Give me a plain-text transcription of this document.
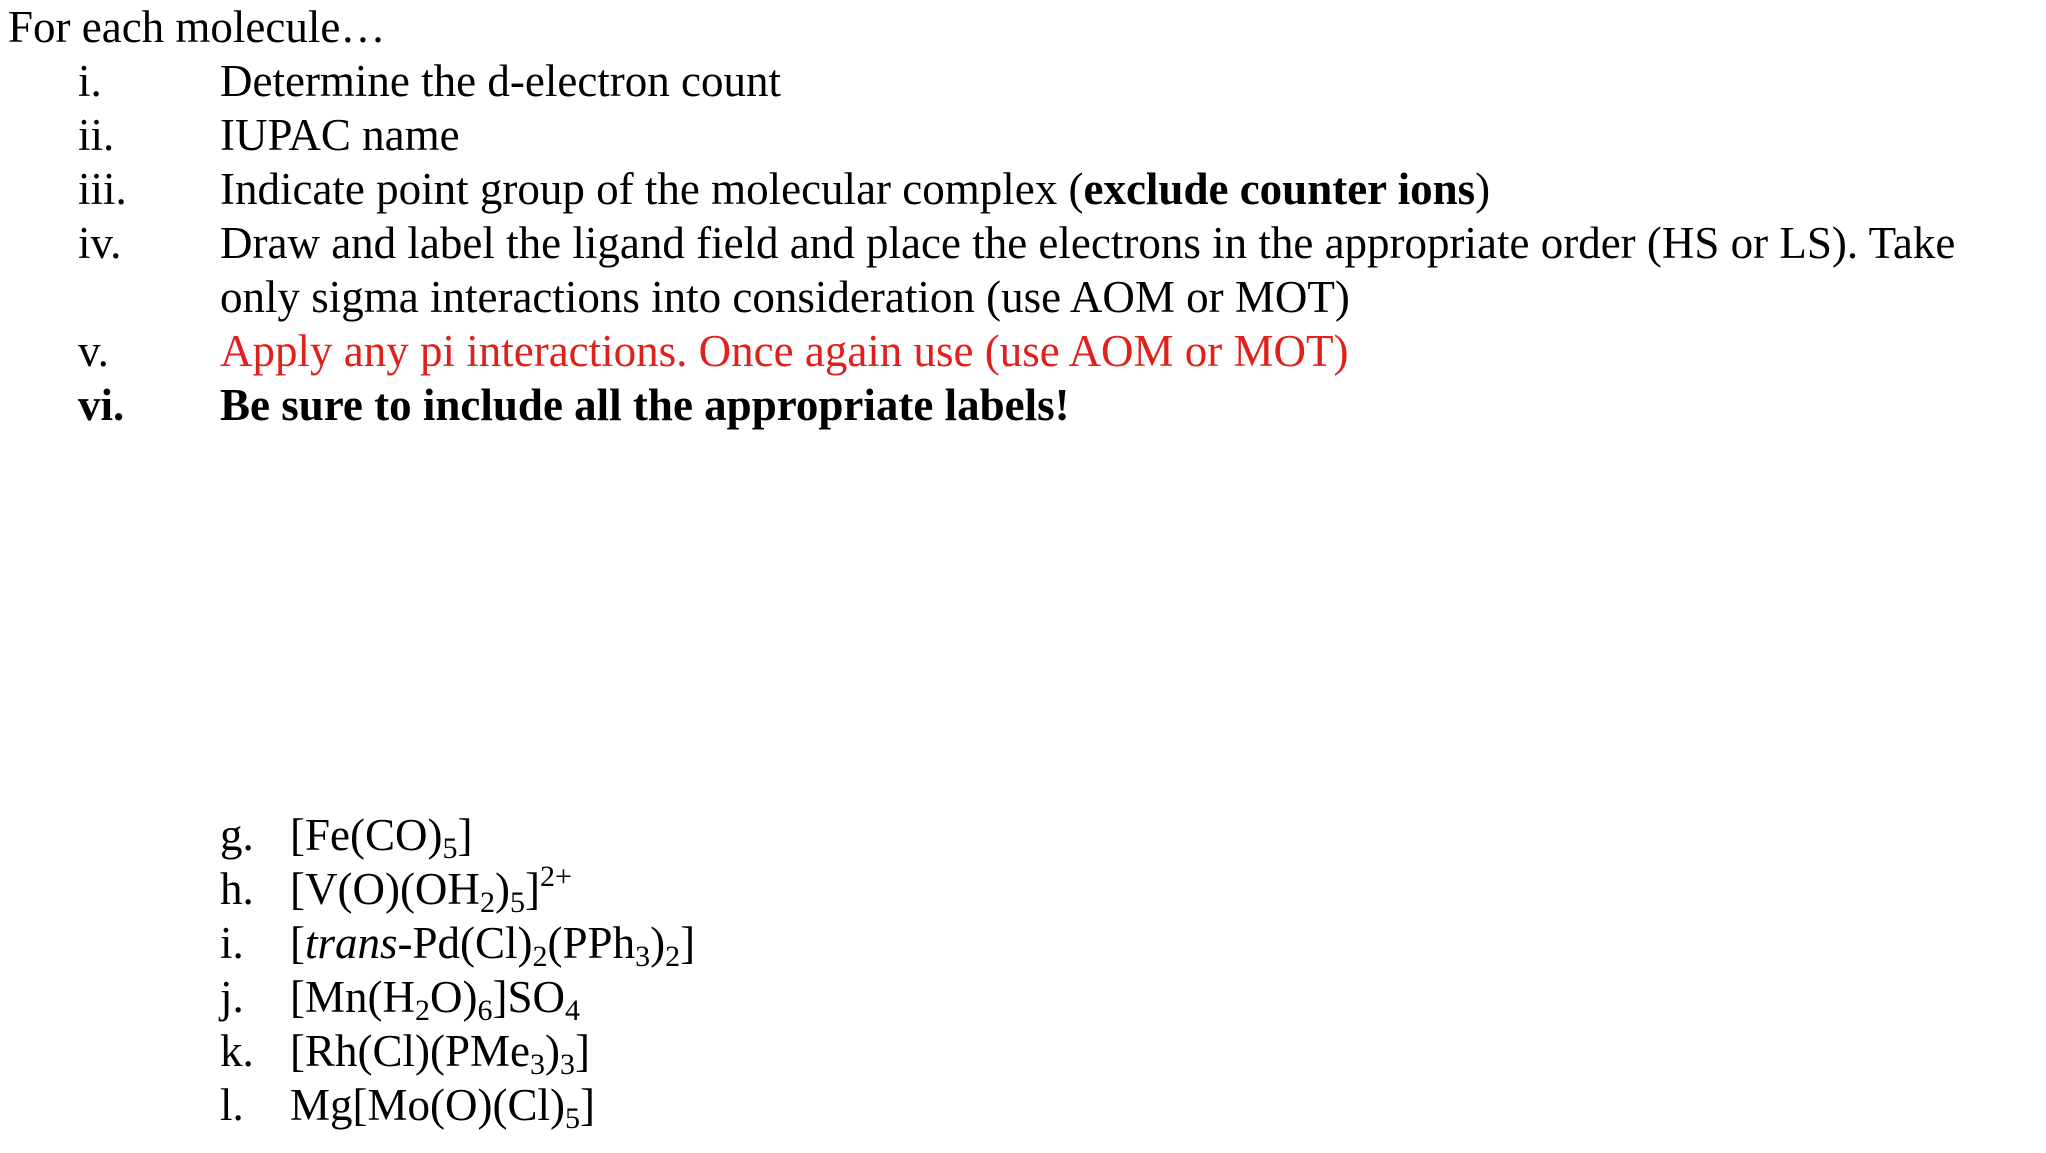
For each molecule…
i.	Determine the d-electron count
ii. IUPAC name
iii. Indicate point group of the molecular complex (exclude counter ions)
iv. Draw and label the ligand field and place the electrons in the appropriate order (HS or LS). Take
only sigma interactions into consideration (use AOM or MOT)
v. Apply any pi interactions. Once again use (use AOM or MOT)
vi. Be sure to include all the appropriate labels!
g. $[Fe(CO)_5]$
h. $[V(O)(OH_2)_5]^{2+}$
i. $[trans-Pd(Cl)_2(PPh_3)_2]$
j. $[Mn(H_2O)_6]SO_4$
k. $[Rh(Cl)(PMe_3)_3]$
l. $Mg[Mo(O)(Cl)_5]$
